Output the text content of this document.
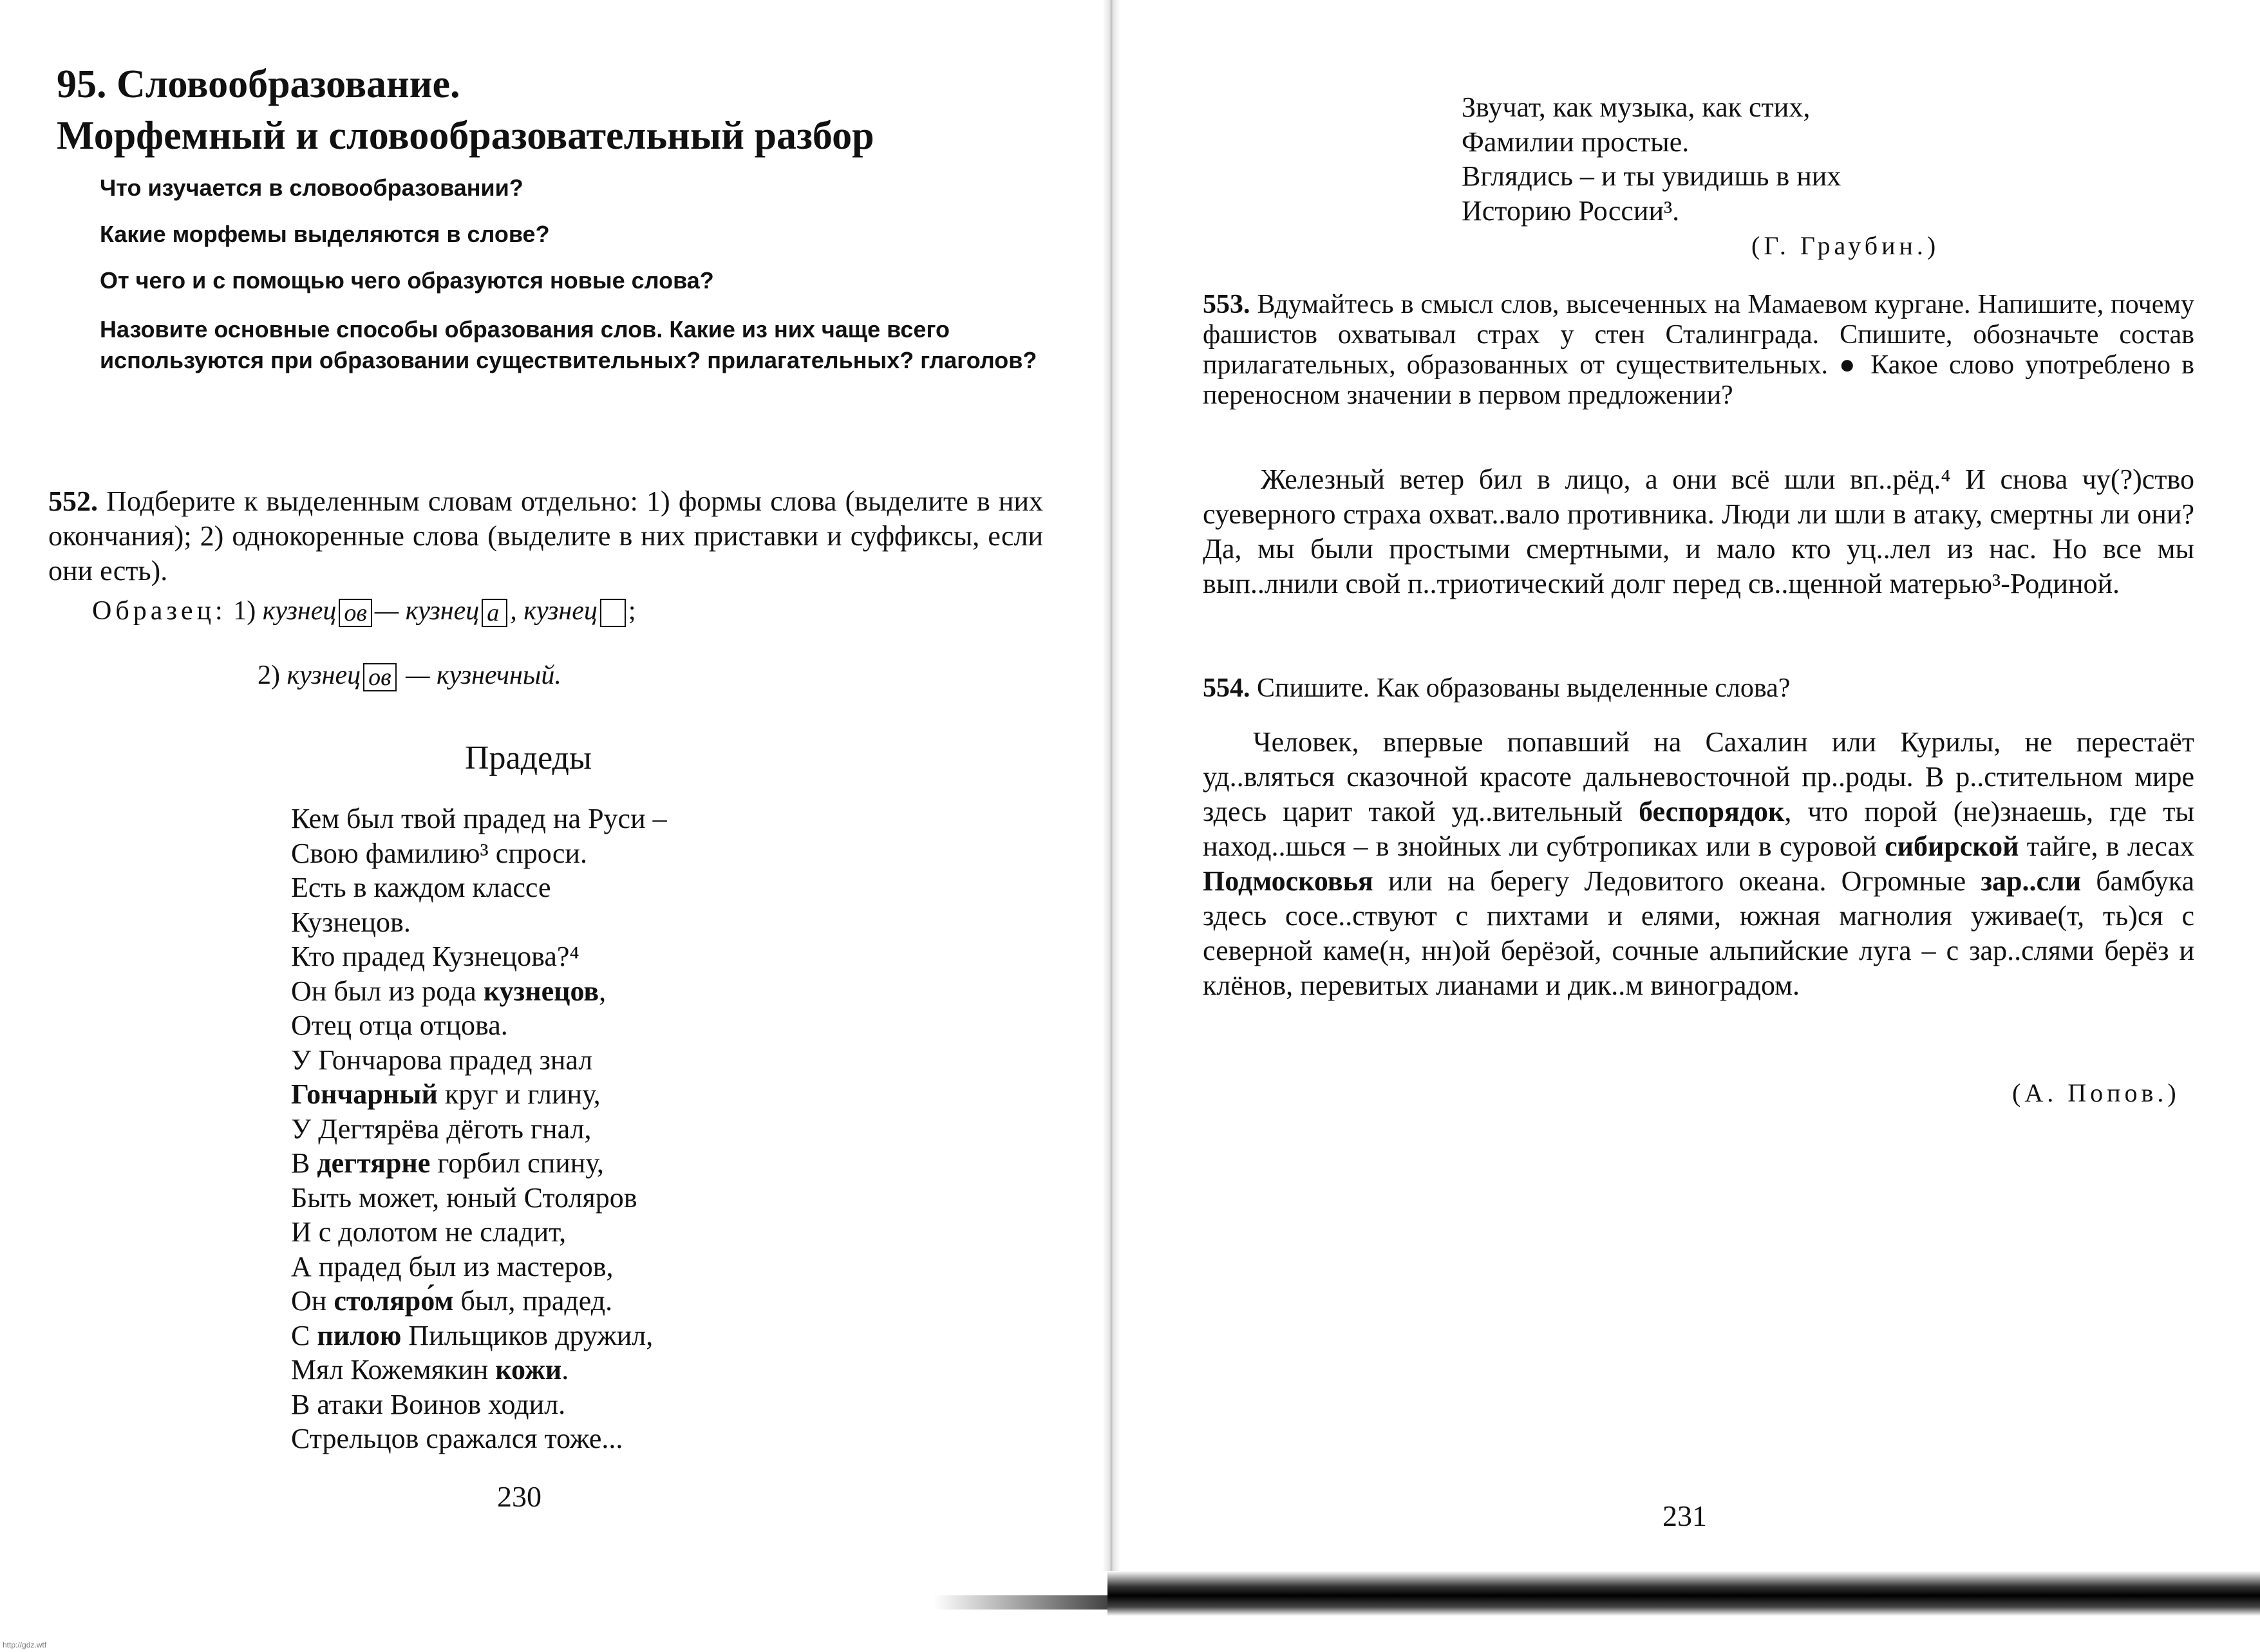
95. Словообразование.
Морфемный и словообразовательный разбор
Что изучается в словообразовании?
Какие морфемы выделяются в слове?
От чего и с помощью чего образуются новые слова?
Назовите основные способы образования слов. Какие из них чаще всего используются при образовании существительных? прилагательных? глаголов?
552. Подберите к выделенным словам отдельно: 1) формы слова (выделите в них окончания); 2) однокоренные слова (выделите в них приставки и суффиксы, если они есть).
Образец: 1) кузнец ов — кузнец а , кузнец ;
2) кузнец ов — кузнечный.
Прадеды
Кем был твой прадед на Руси –
Свою фамилию³ спроси.
Есть в каждом классе
Кузнецов.
Кто прадед Кузнецова?⁴
Он был из рода кузнецов,
Отец отца отцова.
У Гончарова прадед знал
Гончарный круг и глину,
У Дегтярёва дёготь гнал,
В дегтярне горбил спину,
Быть может, юный Столяров
И с долотом не сладит,
А прадед был из мастеров,
Он столяро́м был, прадед.
С пилою Пильщиков дружил,
Мял Кожемякин кожи.
В атаки Воинов ходил.
Стрельцов сражался тоже...
230
Звучат, как музыка, как стих,
Фамилии простые.
Вглядись – и ты увидишь в них
Историю России³.
(Г. Граубин.)
553. Вдумайтесь в смысл слов, высеченных на Мамаевом кургане. Напишите, почему фашистов охватывал страх у стен Сталинграда. Спишите, обозначьте состав прилагательных, образованных от существительных. ● Какое слово употреблено в переносном значении в первом предложении?
Железный ветер бил в лицо, а они всё шли вп..рёд.⁴ И снова чу(?)ство суеверного страха охват..вало противника. Люди ли шли в атаку, смертны ли они? Да, мы были простыми смертными, и мало кто уц..лел из нас. Но все мы вып..лнили свой п..триотический долг перед св..щенной матерью³-Родиной.
554. Спишите. Как образованы выделенные слова?
Человек, впервые попавший на Сахалин или Курилы, не перестаёт уд..вляться сказочной красоте дальневосточной пр..роды. В р..стительном мире здесь царит такой уд..вительный беспорядок, что порой (не)знаешь, где ты наход..шься – в знойных ли субтропиках или в суровой сибирской тайге, в лесах Подмосковья или на берегу Ледовитого океана. Огромные зар..сли бамбука здесь сосе..ствуют с пихтами и елями, южная магнолия уживае(т, ть)ся с северной каме(н, нн)ой берёзой, сочные альпийские луга – с зар..слями берёз и клёнов, перевитых лианами и дик..м виноградом.
(А. Попов.)
231
http://gdz.wtf
